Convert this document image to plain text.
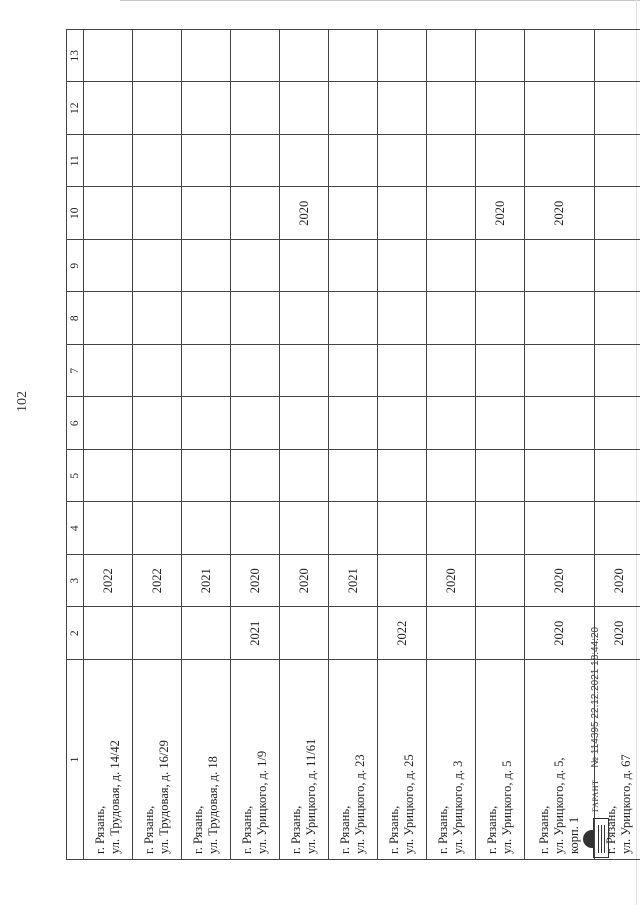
102
1	2	3	4	5	6	7	8	9	10	11	12	13

г. Рязань, ул. Трудовая, д. 14/42		2022										

г. Рязань, ул. Трудовая, д. 16/29		2022										

г. Рязань, ул. Трудовая, д. 18		2021										

г. Рязань, ул. Урицкого, д. 1/9	2021	2020										

г. Рязань, ул. Урицкого, д. 11/61		2020							2020			

г. Рязань, ул. Урицкого, д. 23		2021										

г. Рязань, ул. Урицкого, д. 25	2022											

г. Рязань, ул. Урицкого, д. 3		2020										

г. Рязань, ул. Урицкого, д. 5									2020			

г. Рязань, ул. Урицкого, д. 5, корп. 1	2020	2020							2020			

г. Рязань, ул. Урицкого, д. 67	2020	2020										
ГАРАНТ
№ 114395 22.12.2021 18:44:20
